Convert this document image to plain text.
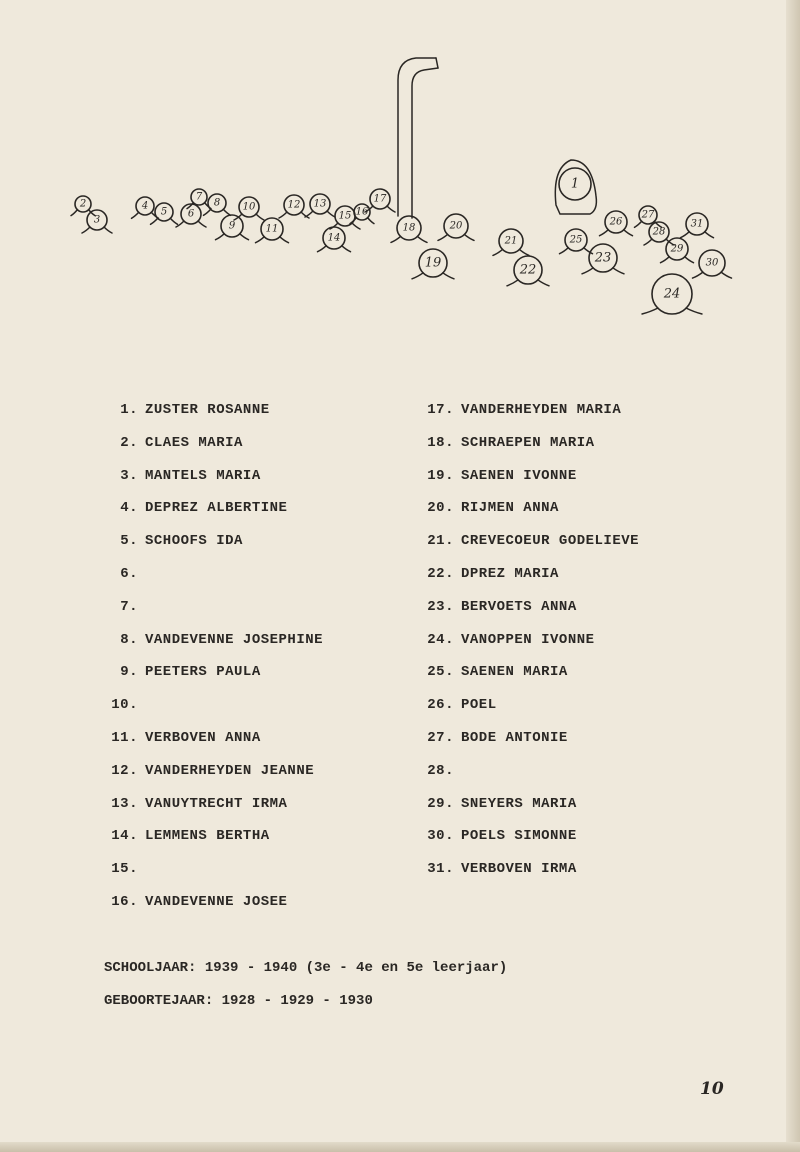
1
2
3
4
5 6
7
8
9
10
11
12 13
14
15 16
17
18
19
20
21
22
23
24
25
26
27
28
29
30
31
1. ZUSTER ROSANNE
2. CLAES MARIA
3. MANTELS MARIA
4. DEPREZ ALBERTINE
5. SCHOOFS IDA
6.
7.
8. VANDEVENNE JOSEPHINE
9. PEETERS PAULA
10.
11. VERBOVEN ANNA
12. VANDERHEYDEN JEANNE
13. VANUYTRECHT IRMA
14. LEMMENS BERTHA
15.
16. VANDEVENNE JOSEE
17. VANDERHEYDEN MARIA
18. SCHRAEPEN MARIA
19. SAENEN IVONNE
20. RIJMEN ANNA
21. CREVECOEUR GODELIEVE
22. DPREZ MARIA
23. BERVOETS ANNA
24. VANOPPEN IVONNE
25. SAENEN MARIA
26. POEL
27. BODE ANTONIE
28.
29. SNEYERS MARIA
30. POELS SIMONNE
31. VERBOVEN IRMA
SCHOOLJAAR: 1939 - 1940 (3e - 4e en 5e leerjaar)
GEBOORTEJAAR: 1928 - 1929 - 1930
10
